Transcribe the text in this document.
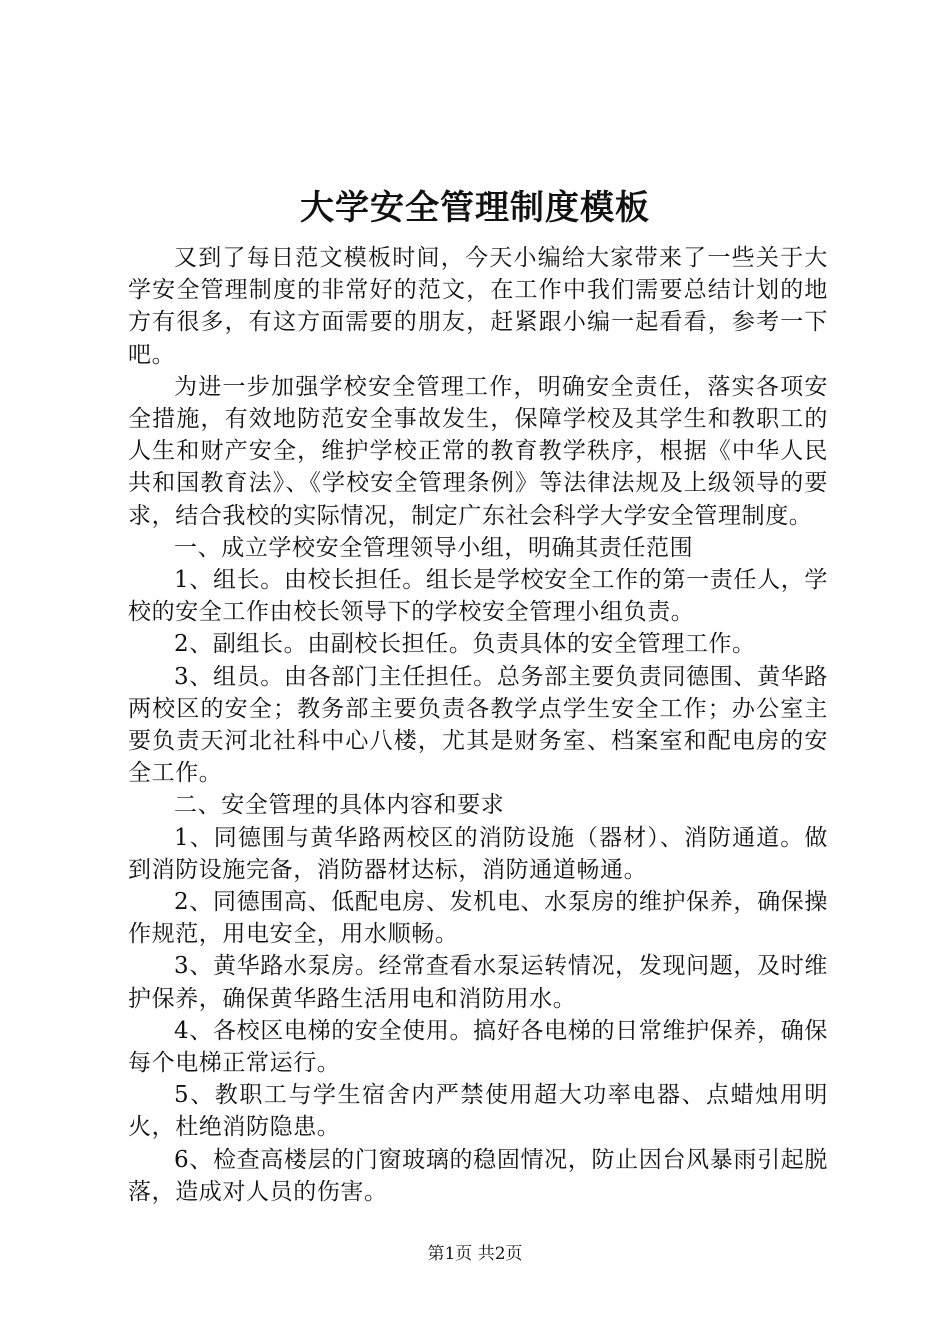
大学安全管理制度模板

又到了每日范文模板时间，今天小编给大家带来了一些关于大学安全管理制度的非常好的范文，在工作中我们需要总结计划的地方有很多，有这方面需要的朋友，赶紧跟小编一起看看，参考一下吧。

为进一步加强学校安全管理工作，明确安全责任，落实各项安全措施，有效地防范安全事故发生，保障学校及其学生和教职工的人生和财产安全，维护学校正常的教育教学秩序，根据《中华人民共和国教育法》、《学校安全管理条例》等法律法规及上级领导的要求，结合我校的实际情况，制定广东社会科学大学安全管理制度。

一、成立学校安全管理领导小组，明确其责任范围

1、组长。由校长担任。组长是学校安全工作的第一责任人，学校的安全工作由校长领导下的学校安全管理小组负责。

2、副组长。由副校长担任。负责具体的安全管理工作。

3、组员。由各部门主任担任。总务部主要负责同德围、黄华路两校区的安全；教务部主要负责各教学点学生安全工作；办公室主要负责天河北社科中心八楼，尤其是财务室、档案室和配电房的安全工作。

二、安全管理的具体内容和要求

1、同德围与黄华路两校区的消防设施（器材）、消防通道。做到消防设施完备，消防器材达标，消防通道畅通。

2、同德围高、低配电房、发机电、水泵房的维护保养，确保操作规范，用电安全，用水顺畅。

3、黄华路水泵房。经常查看水泵运转情况，发现问题，及时维护保养，确保黄华路生活用电和消防用水。

4、各校区电梯的安全使用。搞好各电梯的日常维护保养，确保每个电梯正常运行。

5、教职工与学生宿舍内严禁使用超大功率电器、点蜡烛用明火，杜绝消防隐患。

6、检查高楼层的门窗玻璃的稳固情况，防止因台风暴雨引起脱落，造成对人员的伤害。

第1页 共2页
